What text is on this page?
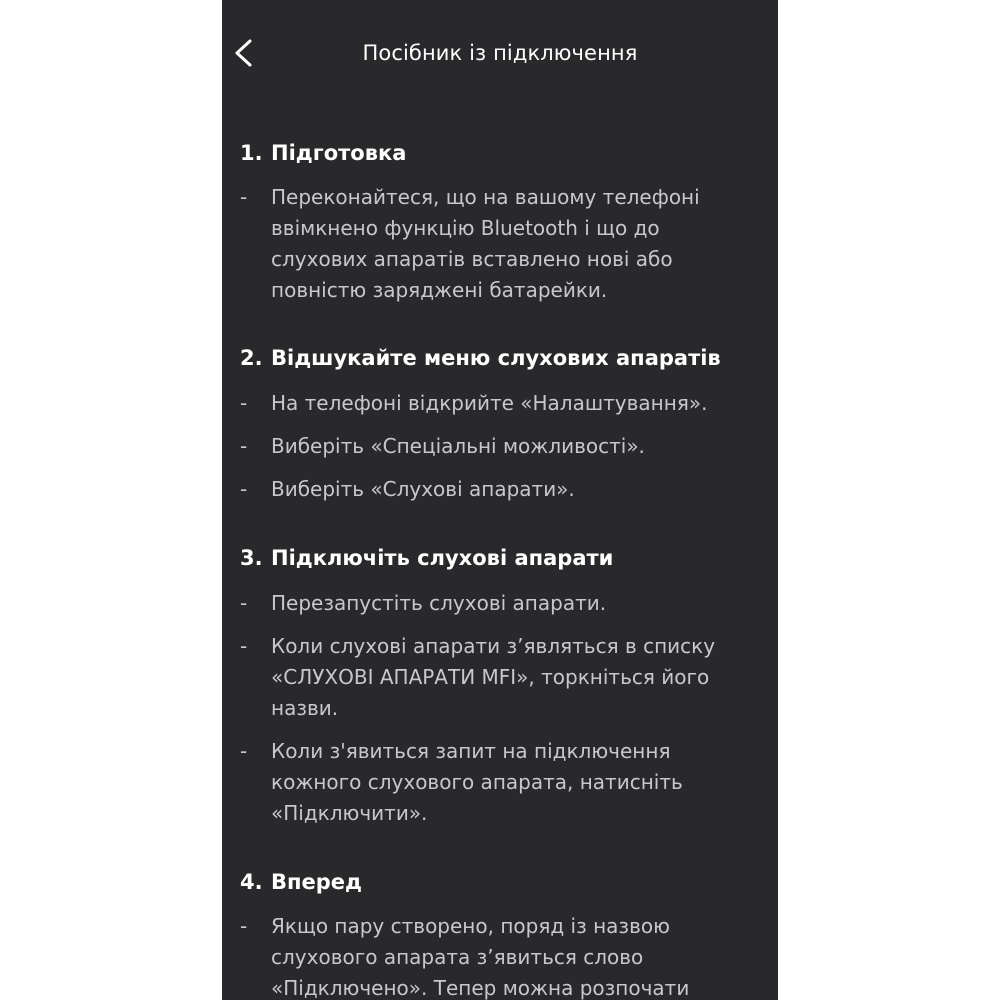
Посібник із підключення
1. Підготовка
-	Переконайтеся, що на вашому телефоні ввімкнено функцію Bluetooth і що до слухових апаратів вставлено нові або повністю заряджені батарейки.
2. Відшукайте меню слухових апаратів
-	На телефоні відкрийте «Налаштування».
-	Виберіть «Спеціальні можливості».
-	Виберіть «Слухові апарати».
3. Підключіть слухові апарати
-	Перезапустіть слухові апарати.
-	Коли слухові апарати з’являться в списку «СЛУХОВІ АПАРАТИ MFI», торкніться його назви.
-	Коли з'явиться запит на підключення кожного слухового апарата, натисніть «Підключити».
4. Вперед
-	Якщо пару створено, поряд із назвою слухового апарата з’явиться слово «Підключено». Тепер можна розпочати
